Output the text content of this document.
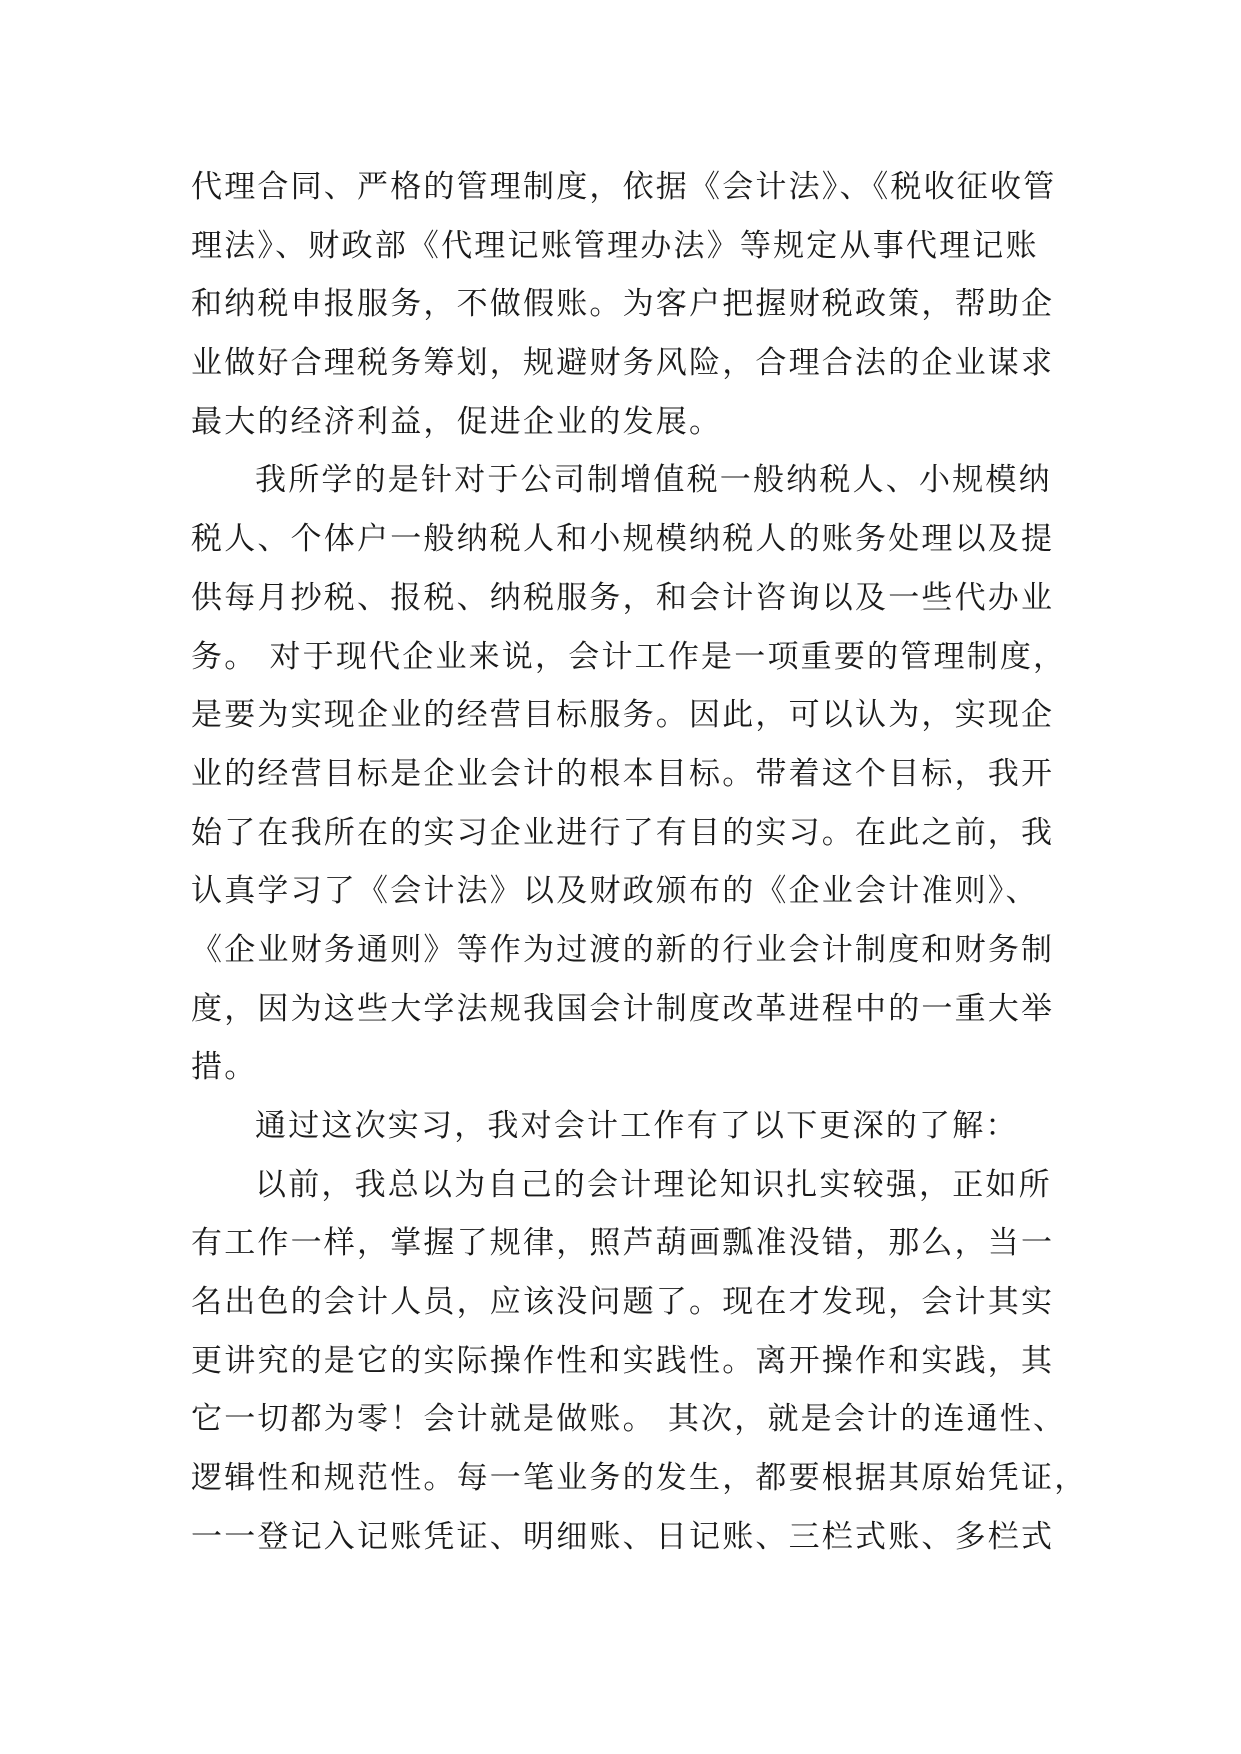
代理合同、严格的管理制度，依据《会计法》、《税收征收管
理法》、财政部《代理记账管理办法》等规定从事代理记账
和纳税申报服务，不做假账。为客户把握财税政策，帮助企
业做好合理税务筹划，规避财务风险，合理合法的企业谋求
最大的经济利益，促进企业的发展。
我所学的是针对于公司制增值税一般纳税人、小规模纳
税人、个体户一般纳税人和小规模纳税人的账务处理以及提
供每月抄税、报税、纳税服务，和会计咨询以及一些代办业
务。 对于现代企业来说，会计工作是一项重要的管理制度，
是要为实现企业的经营目标服务。因此，可以认为，实现企
业的经营目标是企业会计的根本目标。带着这个目标，我开
始了在我所在的实习企业进行了有目的实习。在此之前，我
认真学习了《会计法》以及财政颁布的《企业会计准则》、
《企业财务通则》等作为过渡的新的行业会计制度和财务制
度，因为这些大学法规我国会计制度改革进程中的一重大举
措。
通过这次实习，我对会计工作有了以下更深的了解：
以前，我总以为自己的会计理论知识扎实较强，正如所
有工作一样，掌握了规律，照芦葫画瓢准没错，那么，当一
名出色的会计人员，应该没问题了。现在才发现，会计其实
更讲究的是它的实际操作性和实践性。离开操作和实践，其
它一切都为零！会计就是做账。 其次，就是会计的连通性、
逻辑性和规范性。每一笔业务的发生，都要根据其原始凭证，
一一登记入记账凭证、明细账、日记账、三栏式账、多栏式
